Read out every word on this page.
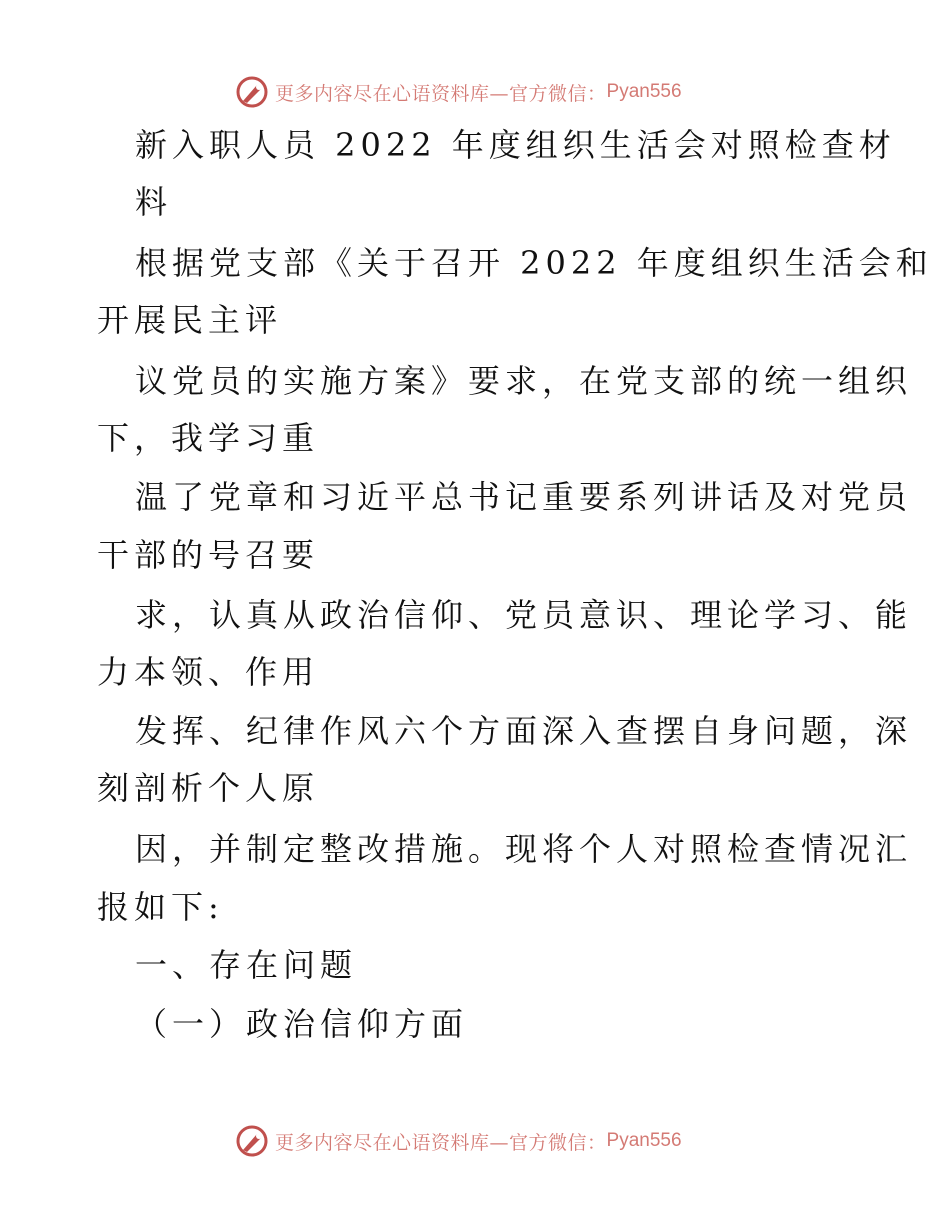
更多内容尽在心语资料库—官方微信： Pyan556
新入职人员 2022 年度组织生活会对照检查材
料
根据党支部《关于召开 2022 年度组织生活会和
开展民主评
议党员的实施方案》要求，在党支部的统一组织
下，我学习重
温了党章和习近平总书记重要系列讲话及对党员
干部的号召要
求，认真从政治信仰、党员意识、理论学习、能
力本领、作用
发挥、纪律作风六个方面深入查摆自身问题，深
刻剖析个人原
因，并制定整改措施。现将个人对照检查情况汇
报如下:
一、存在问题
（一）政治信仰方面
更多内容尽在心语资料库—官方微信： Pyan556
